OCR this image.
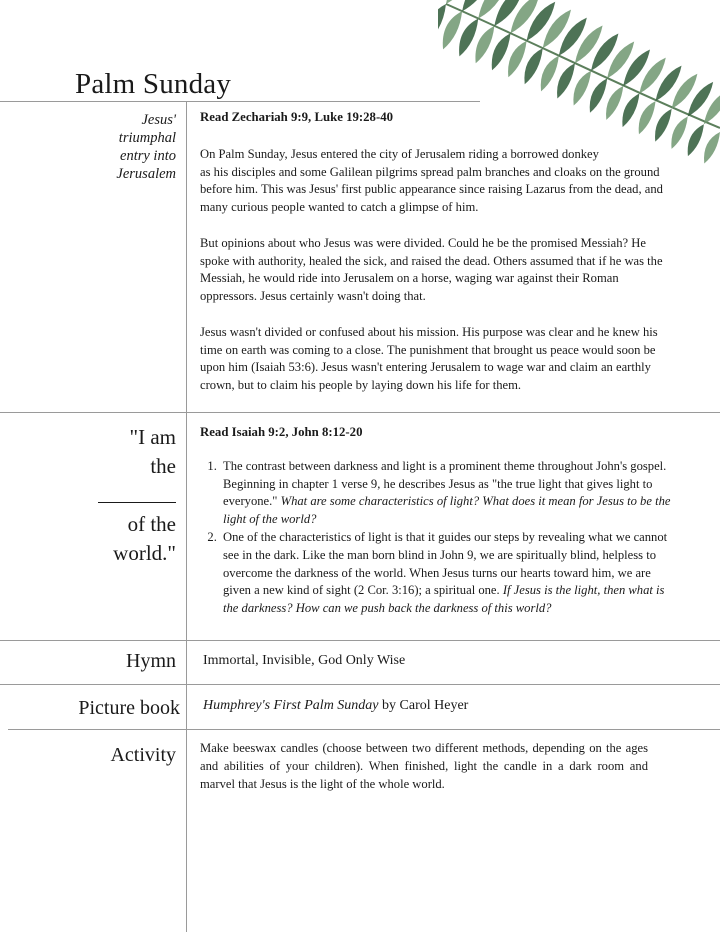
Palm Sunday
Jesus'
triumphal
entry into
Jerusalem
Read Zechariah 9:9, Luke 19:28-40

On Palm Sunday, Jesus entered the city of Jerusalem riding a borrowed donkey
as his disciples and some Galilean pilgrims spread palm branches and cloaks on the ground before him. This was Jesus' first public appearance since raising Lazarus from the dead, and many curious people wanted to catch a glimpse of him.

But opinions about who Jesus was were divided. Could he be the promised Messiah? He spoke with authority, healed the sick, and raised the dead. Others assumed that if he was the Messiah, he would ride into Jerusalem on a horse, waging war against their Roman oppressors. Jesus certainly wasn't doing that.

Jesus wasn't divided or confused about his mission. His purpose was clear and he knew his time on earth was coming to a close. The punishment that brought us peace would soon be upon him (Isaiah 53:6). Jesus wasn't entering Jerusalem to wage war and claim an earthly crown, but to claim his people by laying down his life for them.

"I am
the
of the
world."
Read Isaiah 9:2, John 8:12-20
1. The contrast between darkness and light is a prominent theme throughout John's gospel. Beginning in chapter 1 verse 9, he describes Jesus as "the true light that gives light to everyone." What are some characteristics of light? What does it mean for Jesus to be the light of the world?
2. One of the characteristics of light is that it guides our steps by revealing what we cannot see in the dark. Like the man born blind in John 9, we are spiritually blind, helpless to overcome the darkness of the world. When Jesus turns our hearts toward him, we are given a new kind of sight (2 Cor. 3:16); a spiritual one. If Jesus is the light, then what is the darkness? How can we push back the darkness of this world?
Hymn Immortal, Invisible, God Only Wise
Picture book Humphrey's First Palm Sunday by Carol Heyer
Activity Make beeswax candles (choose between two different methods, depending on the ages and abilities of your children). When finished, light the candle in a dark room and marvel that Jesus is the light of the whole world.
